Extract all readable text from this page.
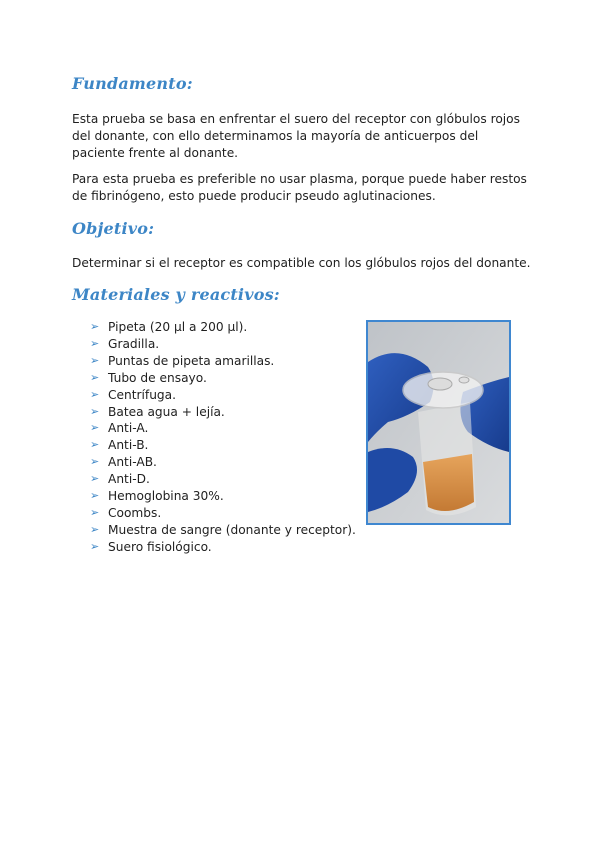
Fundamento:

Esta prueba se basa en enfrentar el suero del receptor con glóbulos rojos del donante, con ello determinamos la mayoría de anticuerpos del paciente frente al donante.

Para esta prueba es preferible no usar plasma, porque puede haber restos de fibrinógeno, esto puede producir pseudo aglutinaciones.

Objetivo:

Determinar si el receptor es compatible con los glóbulos rojos del donante.

Materiales y reactivos:
➢ Pipeta (20 µl a 200 µl).
➢ Gradilla.
➢ Puntas de pipeta amarillas.
➢ Tubo de ensayo.
➢ Centrífuga.
➢ Batea agua + lejía.
➢ Anti-A.
➢ Anti-B.
➢ Anti-AB.
➢ Anti-D.
➢ Hemoglobina 30%.
➢ Coombs.
➢ Muestra de sangre (donante y receptor).
➢ Suero fisiológico.
